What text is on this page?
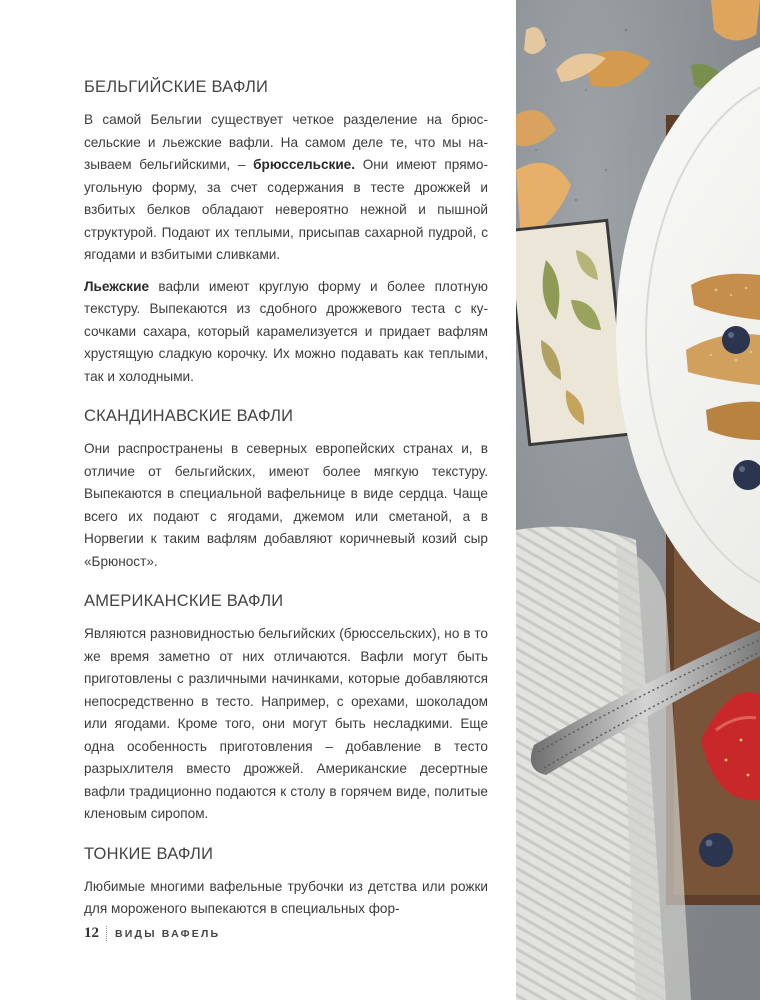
БЕЛЬГИЙСКИЕ ВАФЛИ

В самой Бельгии существует четкое разделение на брюссельские и льежские вафли. На самом деле те, что мы называем бельгийскими, – брюссельские. Они имеют прямоугольную форму, за счет содержания в тесте дрожжей и взбитых белков обладают невероятно нежной и пышной структурой. Подают их теплыми, присыпав сахарной пудрой, с ягодами и взбитыми сливками.

Льежские вафли имеют круглую форму и более плотную текстуру. Выпекаются из сдобного дрожжевого теста с кусочками сахара, который карамелизуется и придает вафлям хрустящую сладкую корочку. Их можно подавать как теплыми, так и холодными.

СКАНДИНАВСКИЕ ВАФЛИ

Они распространены в северных европейских странах и, в отличие от бельгийских, имеют более мягкую текстуру. Выпекаются в специальной вафельнице в виде сердца. Чаще всего их подают с ягодами, джемом или сметаной, а в Норвегии к таким вафлям добавляют коричневый козий сыр «Брюност».

АМЕРИКАНСКИЕ ВАФЛИ

Являются разновидностью бельгийских (брюссельских), но в то же время заметно от них отличаются. Вафли могут быть приготовлены с различными начинками, которые добавляются непосредственно в тесто. Например, с орехами, шоколадом или ягодами. Кроме того, они могут быть несладкими. Еще одна особенность приготовления – добавление в тесто разрыхлителя вместо дрожжей. Американские десертные вафли традиционно подаются к столу в горячем виде, политые кленовым сиропом.

ТОНКИЕ ВАФЛИ

Любимые многими вафельные трубочки из детства или рожки для мороженого выпекаются в специальных фор-

12 ВИДЫ ВАФЕЛЬ
